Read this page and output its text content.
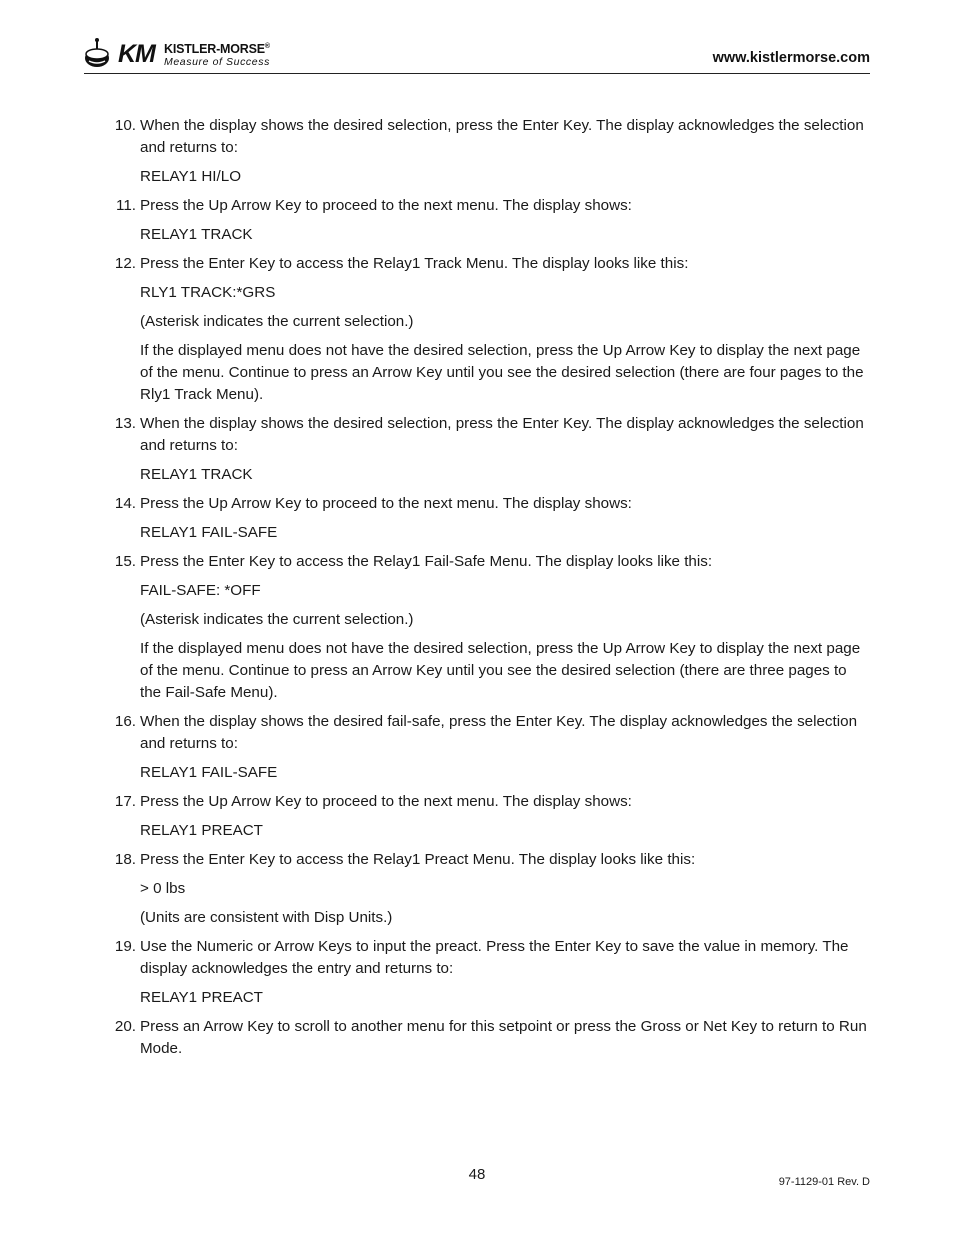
KM KISTLER-MORSE®
Measure of Success	www.kistlermorse.com
10. When the display shows the desired selection, press the Enter Key. The display acknowledges the selection and returns to:

RELAY1 HI/LO

11. Press the Up Arrow Key to proceed to the next menu. The display shows:

RELAY1 TRACK

12. Press the Enter Key to access the Relay1 Track Menu. The display looks like this:

RLY1 TRACK:*GRS

(Asterisk indicates the current selection.)

If the displayed menu does not have the desired selection, press the Up Arrow Key to display the next page of the menu. Continue to press an Arrow Key until you see the desired selection (there are four pages to the Rly1 Track Menu).

13. When the display shows the desired selection, press the Enter Key. The display acknowledges the selection and returns to:

RELAY1 TRACK

14. Press the Up Arrow Key to proceed to the next menu. The display shows:

RELAY1 FAIL-SAFE

15. Press the Enter Key to access the Relay1 Fail-Safe Menu. The display looks like this:

FAIL-SAFE: *OFF

(Asterisk indicates the current selection.)

If the displayed menu does not have the desired selection, press the Up Arrow Key to display the next page of the menu. Continue to press an Arrow Key until you see the desired selection (there are three pages to the Fail-Safe Menu).

16. When the display shows the desired fail-safe, press the Enter Key. The display acknowledges the selection and returns to:

RELAY1 FAIL-SAFE

17. Press the Up Arrow Key to proceed to the next menu. The display shows:

RELAY1 PREACT

18. Press the Enter Key to access the Relay1 Preact Menu. The display looks like this:

> 0 lbs

(Units are consistent with Disp Units.)

19. Use the Numeric or Arrow Keys to input the preact. Press the Enter Key to save the value in memory. The display acknowledges the entry and returns to:

RELAY1 PREACT

20. Press an Arrow Key to scroll to another menu for this setpoint or press the Gross or Net Key to return to Run Mode.

48	97-1129-01 Rev. D
